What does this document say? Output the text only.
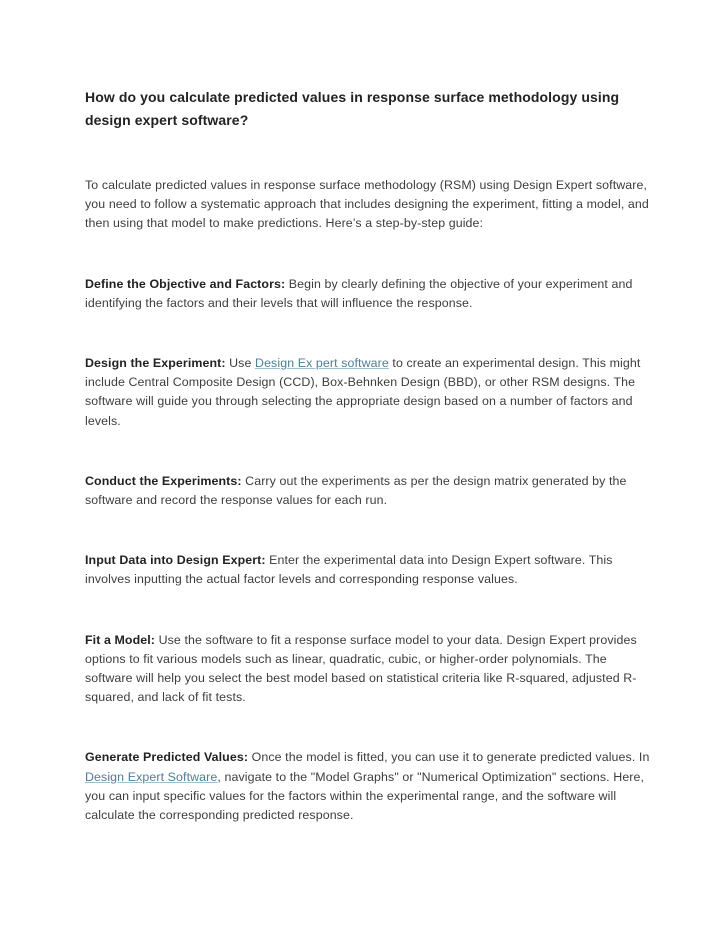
How do you calculate predicted values in response surface methodology using design expert software?

To calculate predicted values in response surface methodology (RSM) using Design Expert software, you need to follow a systematic approach that includes designing the experiment, fitting a model, and then using that model to make predictions. Here’s a step-by-step guide:

Define the Objective and Factors: Begin by clearly defining the objective of your experiment and identifying the factors and their levels that will influence the response.

Design the Experiment: Use Design Ex pert software to create an experimental design. This might include Central Composite Design (CCD), Box-Behnken Design (BBD), or other RSM designs. The software will guide you through selecting the appropriate design based on a number of factors and levels.

Conduct the Experiments: Carry out the experiments as per the design matrix generated by the software and record the response values for each run.

Input Data into Design Expert: Enter the experimental data into Design Expert software. This involves inputting the actual factor levels and corresponding response values.

Fit a Model: Use the software to fit a response surface model to your data. Design Expert provides options to fit various models such as linear, quadratic, cubic, or higher-order polynomials. The software will help you select the best model based on statistical criteria like R-squared, adjusted R-squared, and lack of fit tests.

Generate Predicted Values: Once the model is fitted, you can use it to generate predicted values. In Design Expert Software, navigate to the "Model Graphs" or "Numerical Optimization" sections. Here, you can input specific values for the factors within the experimental range, and the software will calculate the corresponding predicted response.
